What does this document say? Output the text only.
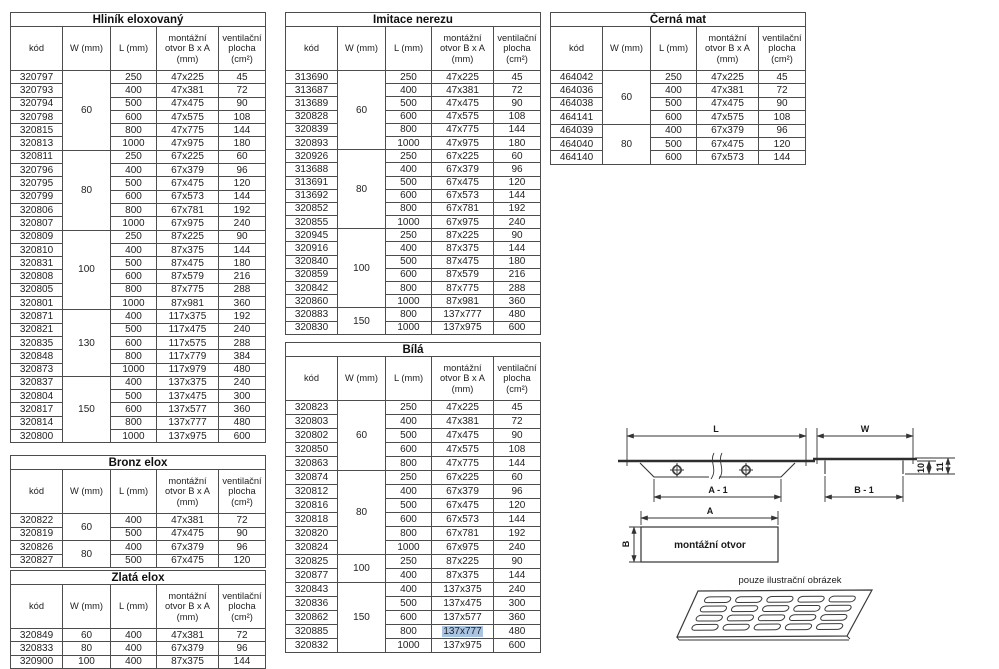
Hliník eloxovaný				
kód	W (mm)	L (mm)	montážní otvor B x A (mm)	ventilační plocha (cm²)
320797	60	250	47x225	45
320793		400	47x381	72
320794		500	47x475	90
320798		600	47x575	108
320815		800	47x775	144
320813		1000	47x975	180
320811	80	250	67x225	60
320796		400	67x379	96
320795		500	67x475	120
320799		600	67x573	144
320806		800	67x781	192
320807		1000	67x975	240
320809	100	250	87x225	90
320810		400	87x375	144
320831		500	87x475	180
320808		600	87x579	216
320805		800	87x775	288
320801		1000	87x981	360
320871	130	400	117x375	192
320821		500	117x475	240
320835		600	117x575	288
320848		800	117x779	384
320873		1000	117x979	480
320837	150	400	137x375	240
320804		500	137x475	300
320817		600	137x577	360
320814		800	137x777	480
320800		1000	137x975	600
Imitace nerezu				
kód	W (mm)	L (mm)	montážní otvor B x A (mm)	ventilační plocha (cm²)
313690	60	250	47x225	45
313687		400	47x381	72
313689		500	47x475	90
320828		600	47x575	108
320839		800	47x775	144
320893		1000	47x975	180
320926	80	250	67x225	60
313688		400	67x379	96
313691		500	67x475	120
313692		600	67x573	144
320852		800	67x781	192
320855		1000	67x975	240
320945	100	250	87x225	90
320916		400	87x375	144
320840		500	87x475	180
320859		600	87x579	216
320842		800	87x775	288
320860		1000	87x981	360
320883	150	800	137x777	480
320830		1000	137x975	600
Černá mat				
kód	W (mm)	L (mm)	montážní otvor B x A (mm)	ventilační plocha (cm²)
464042	60	250	47x225	45
464036		400	47x381	72
464038		500	47x475	90
464141		600	47x575	108
464039	80	400	67x379	96
464040		500	67x475	120
464140		600	67x573	144
Bronz elox				
kód	W (mm)	L (mm)	montážní otvor B x A (mm)	ventilační plocha (cm²)
320822	60	400	47x381	72
320819		500	47x475	90
320826	80	400	67x379	96
320827		500	67x475	120
Zlatá elox				
kód	W (mm)	L (mm)	montážní otvor B x A (mm)	ventilační plocha (cm²)
320849	60	400	47x381	72
320833	80	400	67x379	96
320900	100	400	87x375	144
Bílá				
kód	W (mm)	L (mm)	montážní otvor B x A (mm)	ventilační plocha (cm²)
320823	60	250	47x225	45
320803		400	47x381	72
320802		500	47x475	90
320850		600	47x575	108
320863		800	47x775	144
320874	80	250	67x225	60
320812		400	67x379	96
320816		500	67x475	120
320818		600	67x573	144
320820		800	67x781	192
320824		1000	67x975	240
320825	100	250	87x225	90
320877		400	87x375	144
320843	150	400	137x375	240
320836		500	137x475	300
320862		600	137x577	360
320885		800	137x777	480
320832		1000	137x975	600
L
A - 1
W
B - 1
10 11
A
montážní otvor
B
pouze ilustrační obrázek
